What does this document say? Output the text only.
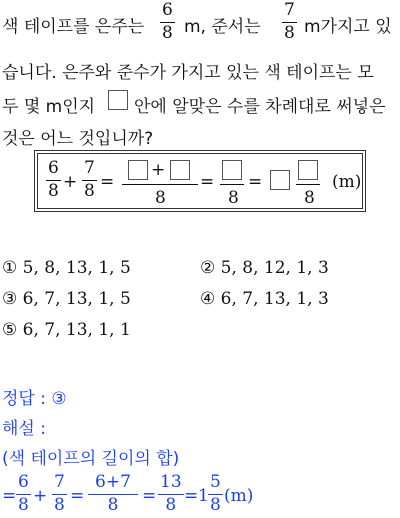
색 테이프를 은주는
6
8 m, 준서는
7
8 m가지고 있
습니다. 은주와 준수가 가지고 있는 색 테이프는 모
두 몇 m인지 안에 알맞은 수를 차례대로 써넣은
것은 어느 것입니까?
6
8 +
7
8 =
+
8
=
8
=
8
(m)
① 5, 8, 13, 1, 5	② 5, 8, 12, 1, 3
③ 6, 7, 13, 1, 5	④ 6, 7, 13, 1, 3
⑤ 6, 7, 13, 1, 1
정답 : ③
해설 :
(색 테이프의 길이의 합)
=
6
8 +
7
8 =
6+7
8 =
13
8 = 1
5
8 (m)
